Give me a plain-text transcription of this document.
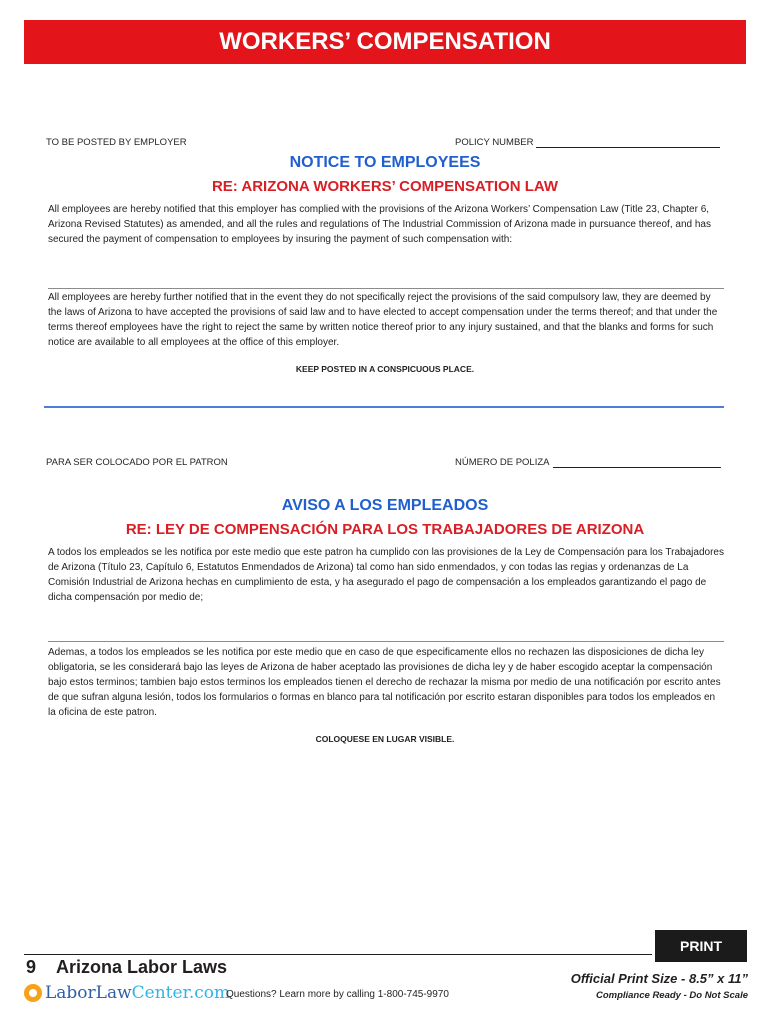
WORKERS’ COMPENSATION
TO BE POSTED BY EMPLOYER	POLICY NUMBER
NOTICE TO EMPLOYEES
RE: ARIZONA WORKERS’ COMPENSATION LAW
All employees are hereby notified that this employer has complied with the provisions of the Arizona Workers’ Compensation Law (Title 23, Chapter 6, Arizona Revised Statutes) as amended, and all the rules and regulations of The Industrial Commission of Arizona made in pursuance thereof, and has secured the payment of compensation to employees by insuring the payment of such compensation with:
All employees are hereby further notified that in the event they do not specifically reject the provisions of the said compulsory law, they are deemed by the laws of Arizona to have accepted the provisions of said law and to have elected to accept compensation under the terms thereof; and that under the terms thereof employees have the right to reject the same by written notice thereof prior to any injury sustained, and that the blanks and forms for such notice are available to all employees at the office of this employer.
KEEP POSTED IN A CONSPICUOUS PLACE.
PARA SER COLOCADO POR EL PATRON	NÚMERO DE POLIZA
AVISO A LOS EMPLEADOS
RE: LEY DE COMPENSACIÓN PARA LOS TRABAJADORES DE ARIZONA
A todos los empleados se les notifica por este medio que este patron ha cumplido con las provisiones de la Ley de Compensación para los Trabajadores de Arizona (Título 23, Capítulo 6, Estatutos Enmendados de Arizona) tal como han sido enmendados, y con todas las regias y ordenanzas de La Comisión Industrial de Arizona hechas en cumplimiento de esta, y ha asegurado el pago de compensación a los empleados garantizando el pago de dicha compensación por medio de;
Ademas, a todos los empleados se les notifica por este medio que en caso de que especificamente ellos no rechazen las disposiciones de dicha ley obligatoria, se les considerará bajo las leyes de Arizona de haber aceptado las provisiones de dicha ley y de haber escogido aceptar la compensación bajo estos terminos; tambien bajo estos terminos los empleados tienen el derecho de rechazar la misma por medio de una notificación por escrito antes de que sufran alguna lesión, todos los formularios o formas en blanco para tal notificación por escrito estaran disponibles para todos los empleados en la oficina de este patron.
COLOQUESE EN LUGAR VISIBLE.
PRINT
9 Arizona Labor Laws
LaborLaw Center.com
Questions? Learn more by calling 1-800-745-9970
Official Print Size - 8.5” x 11”
Compliance Ready - Do Not Scale
